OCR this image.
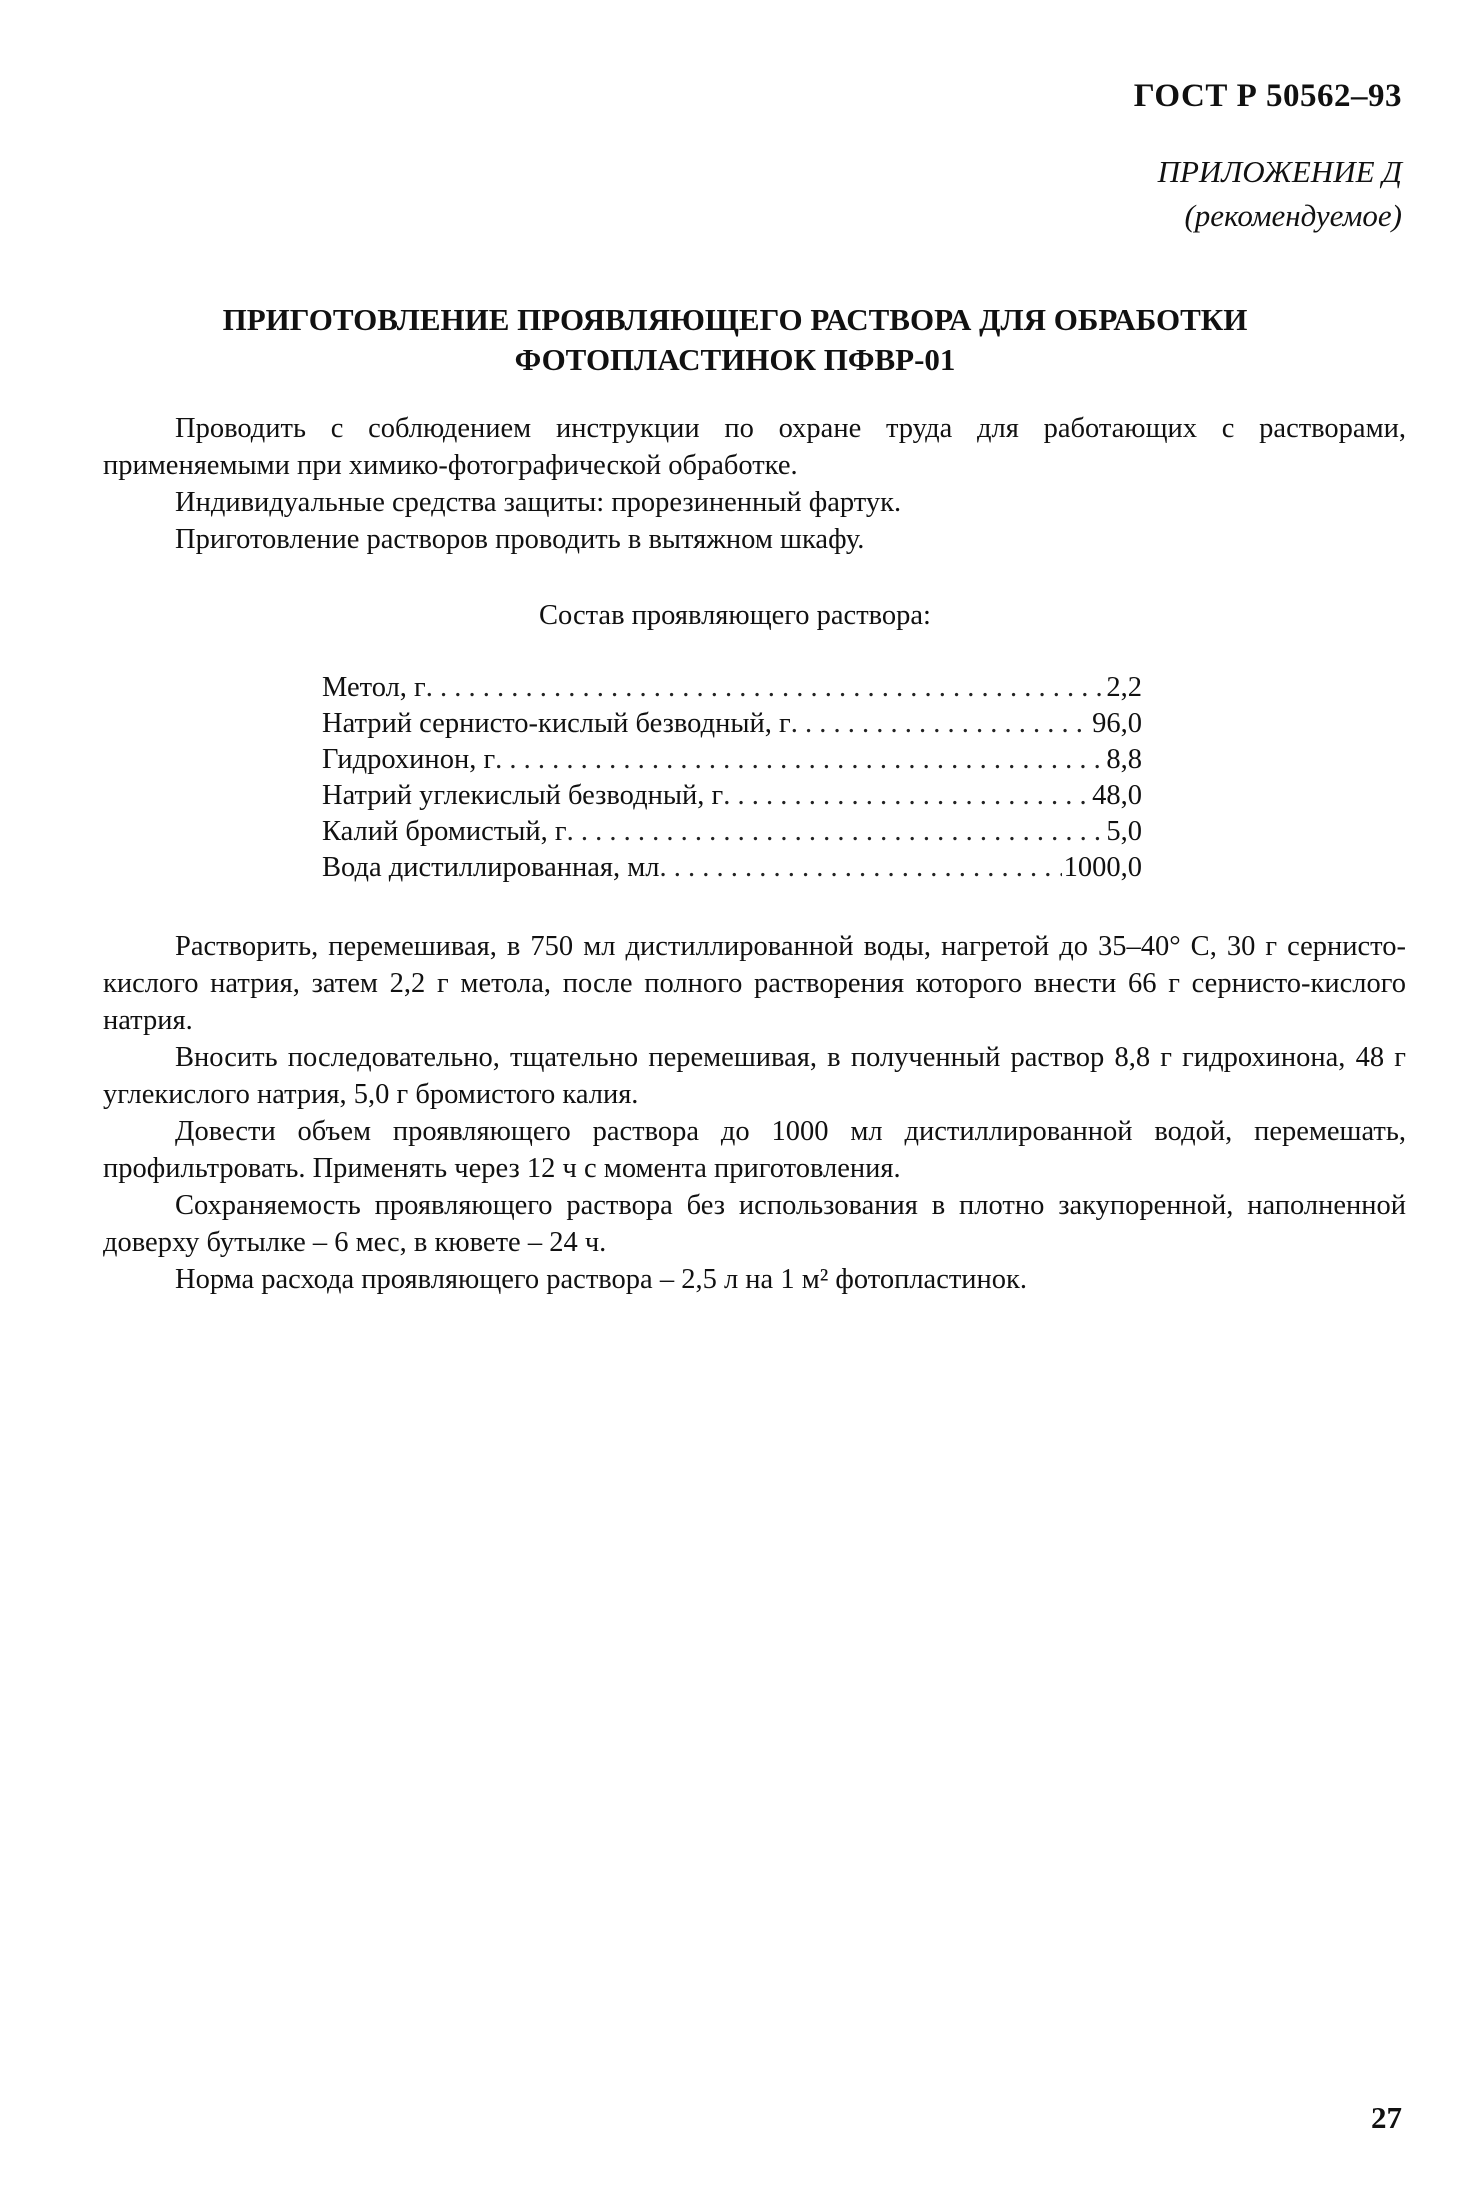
ГОСТ Р 50562–93
ПРИЛОЖЕНИЕ Д
(рекомендуемое)
ПРИГОТОВЛЕНИЕ ПРОЯВЛЯЮЩЕГО РАСТВОРА ДЛЯ ОБРАБОТКИ
ФОТОПЛАСТИНОК ПФВР-01

Проводить с соблюдением инструкции по охране труда для работающих с растворами, применяемыми при химико-фотографической обработке.

Индивидуальные средства защиты: прорезиненный фартук.

Приготовление растворов проводить в вытяжном шкафу.

Состав проявляющего раствора:
Метол, г . . .	2,2
Натрий сернисто-кислый безводный, г . . .	96,0
Гидрохинон, г . . .	8,8
Натрий углекислый безводный, г . . .	48,0
Калий бромистый, г . . .	5,0
Вода дистиллированная, мл . . .	1000,0

Растворить, перемешивая, в 750 мл дистиллированной воды, нагретой до 35–40° С, 30 г сернисто-кислого натрия, затем 2,2 г метола, после полного растворения которого внести 66 г сернисто-кислого натрия.

Вносить последовательно, тщательно перемешивая, в полученный раствор 8,8 г гидрохинона, 48 г углекислого натрия, 5,0 г бромистого калия.

Довести объем проявляющего раствора до 1000 мл дистиллированной водой, перемешать, профильтровать. Применять через 12 ч с момента приготовления.

Сохраняемость проявляющего раствора без использования в плотно закупоренной, наполненной доверху бутылке – 6 мес, в кювете – 24 ч.

Норма расхода проявляющего раствора – 2,5 л на 1 м² фотопластинок.

27
